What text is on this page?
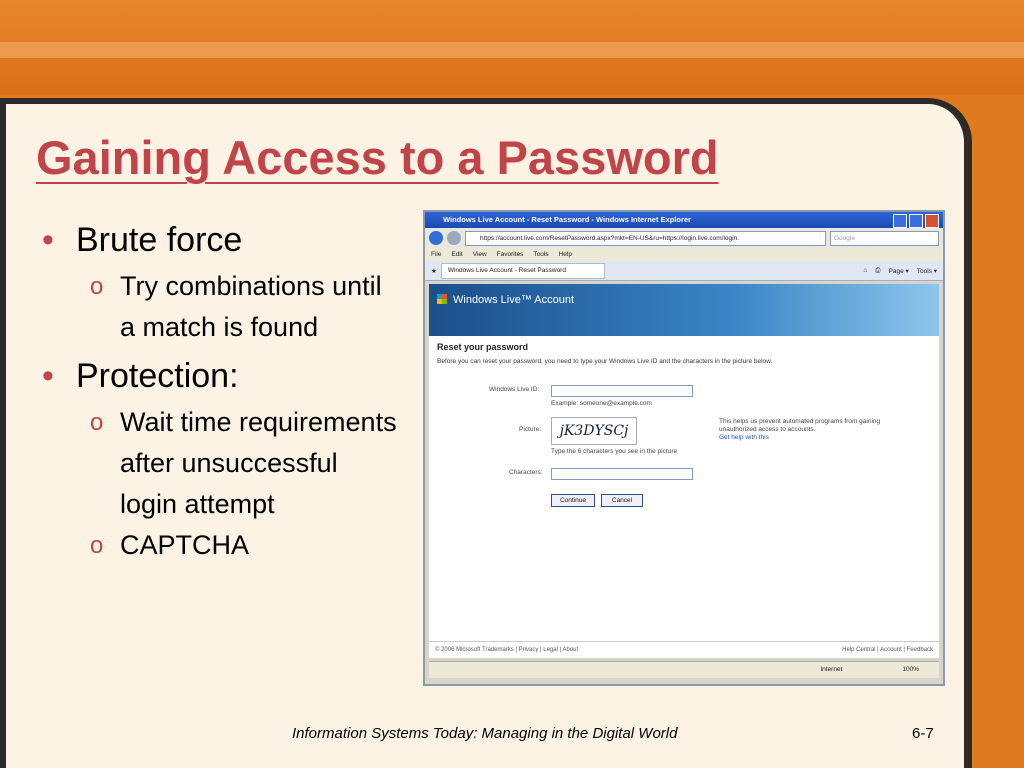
Gaining Access to a Password
• Brute force
o Try combinations until a match is found
• Protection:
o Wait time requirements after unsuccessful login attempt
o CAPTCHA
Windows Live Account - Reset Password - Windows Internet Explorer
https://account.live.com/ResetPassword.aspx?mkt=EN-US&ru=https://login.live.com/login.	Google
File Edit View Favorites Tools Help
★	Windows Live Account - Reset Password	⌂ ⎙ Page ▾ Tools ▾
Windows Live™ Account
Reset your password
Before you can reset your password, you need to type your Windows Live ID and the characters in the picture below.
Windows Live ID:
Example: someone@example.com
Picture:	jK3DYSCj
Type the 6 characters you see in the picture
This helps us prevent automated programs from gaining unauthorized access to accounts.
Get help with this
Characters:
Continue	Cancel
© 2006 Microsoft Trademarks | Privacy | Legal | About	Help Central | Account | Feedback
Internet	100%
Information Systems Today: Managing in the Digital World	6-7
